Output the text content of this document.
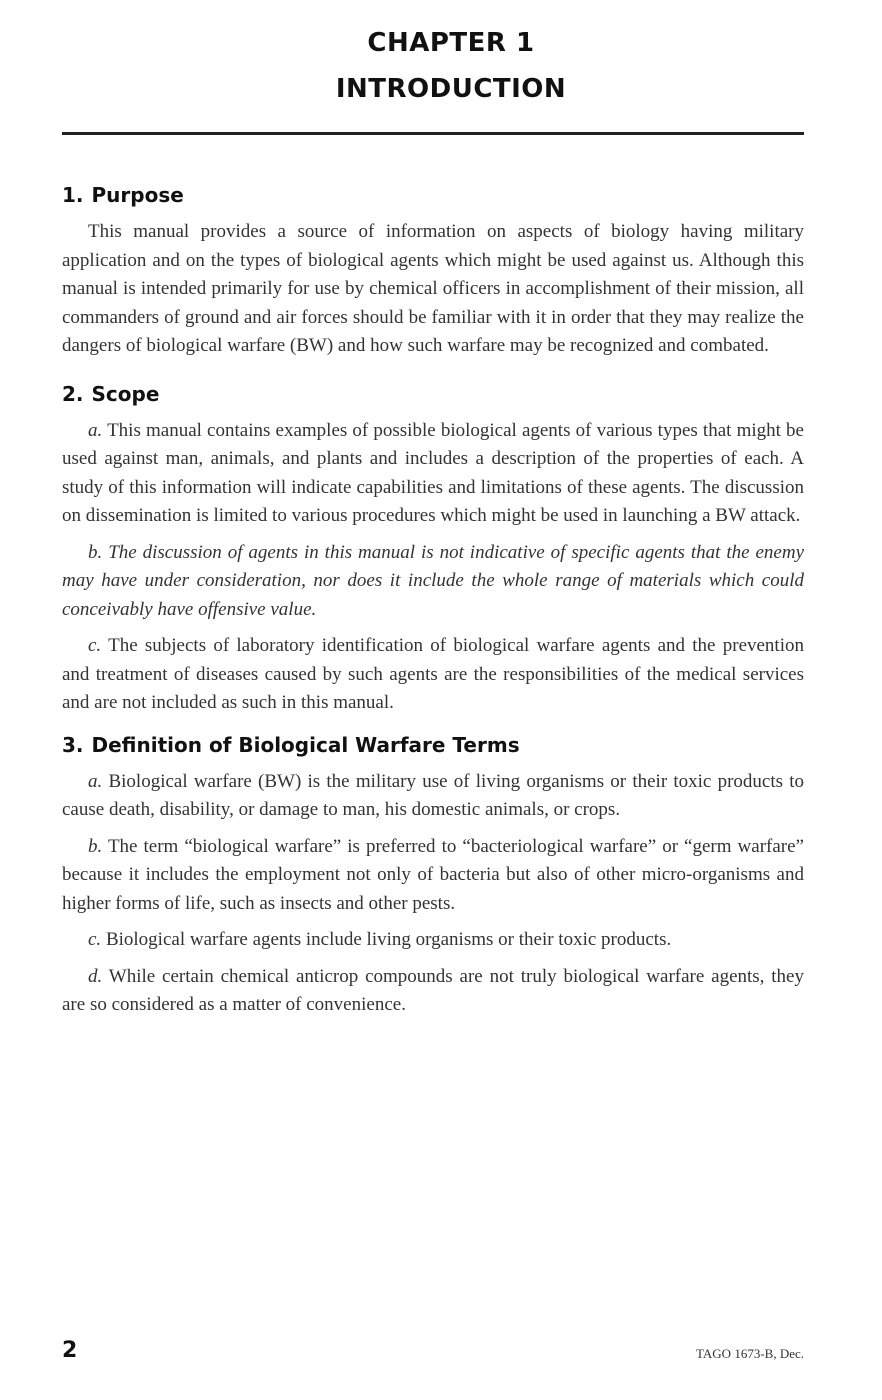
CHAPTER 1
INTRODUCTION
1. Purpose

This manual provides a source of information on aspects of biology having military application and on the types of biological agents which might be used against us. Although this manual is intended primarily for use by chemical officers in accomplishment of their mission, all commanders of ground and air forces should be familiar with it in order that they may realize the dangers of biological warfare (BW) and how such warfare may be recognized and combated.

2. Scope

a. This manual contains examples of possible biological agents of various types that might be used against man, animals, and plants and includes a description of the properties of each. A study of this information will indicate capabilities and limitations of these agents. The discussion on dissemination is limited to various procedures which might be used in launching a BW attack.

b. The discussion of agents in this manual is not indicative of specific agents that the enemy may have under consideration, nor does it include the whole range of materials which could conceivably have offensive value.

c. The subjects of laboratory identification of biological warfare agents and the prevention and treatment of diseases caused by such agents are the responsibilities of the medical services and are not included as such in this manual.

3. Definition of Biological Warfare Terms

a. Biological warfare (BW) is the military use of living organisms or their toxic products to cause death, disability, or damage to man, his domestic animals, or crops.

b. The term “biological warfare” is preferred to “bacteriological warfare” or “germ warfare” because it includes the employment not only of bacteria but also of other micro-organisms and higher forms of life, such as insects and other pests.

c. Biological warfare agents include living organisms or their toxic products.

d. While certain chemical anticrop compounds are not truly biological warfare agents, they are so considered as a matter of convenience.

2	TAGO 1673-B, Dec.
